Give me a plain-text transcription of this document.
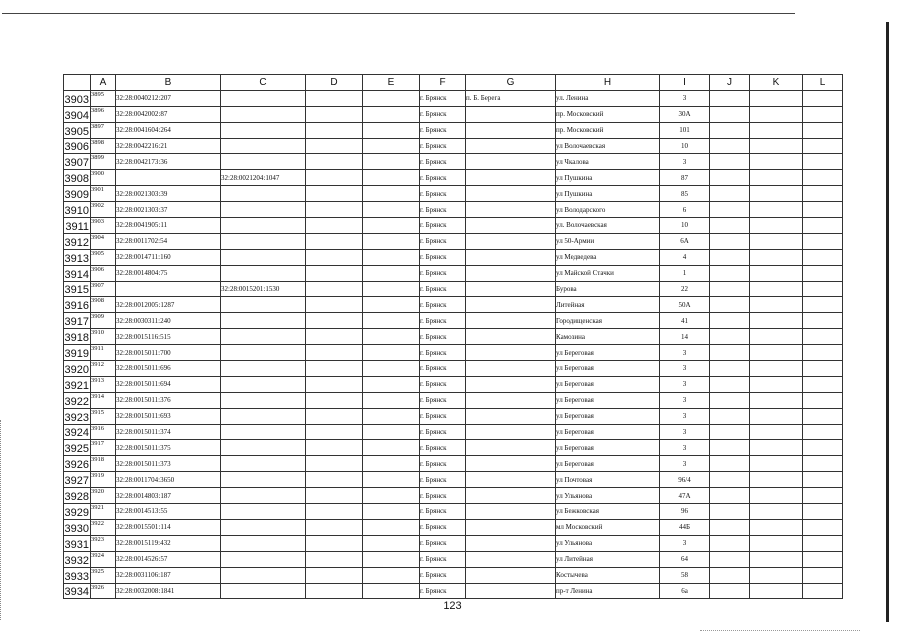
	A	B	C	D	E	F	G	H	I	J	K	L
3903	3895	32:28:0040212:207				г. Брянск	п. Б. Берега	ул. Ленина	3			
3904	3896	32:28:0042002:87				г. Брянск		пр. Московский	30А			
3905	3897	32:28:0041604:264				г. Брянск		пр. Московский	101			
3906	3898	32:28:0042216:21				г. Брянск		ул Волочаевская	10			
3907	3899	32:28:0042173:36				г. Брянск		ул Чкалова	3			
3908	3900		32:28:0021204:1047			г. Брянск		ул Пушкина	87			
3909	3901	32:28:0021303:39				г. Брянск		ул Пушкина	85			
3910	3902	32:28:0021303:37				г. Брянск		ул Володарского	6			
3911	3903	32:28:0041905:11				г. Брянск		ул. Волочаевская	10			
3912	3904	32:28:0011702:54				г. Брянск		ул 50-Армии	6А			
3913	3905	32:28:0014711:160				г. Брянск		ул Медведева	4			
3914	3906	32:28:0014804:75				г. Брянск		ул Майской Стачки	1			
3915	3907		32:28:0015201:1530			г. Брянск		Бурова	22			
3916	3908	32:28:0012005:1287				г. Брянск		Литейная	50А			
3917	3909	32:28:0030311:240				г. Брянск		Городищенская	41			
3918	3910	32:28:0015116:515				г. Брянск		Камозина	14			
3919	3911	32:28:0015011:700				г. Брянск		ул Береговая	3			
3920	3912	32:28:0015011:696				г. Брянск		ул Береговая	3			
3921	3913	32:28:0015011:694				г. Брянск		ул Береговая	3			
3922	3914	32:28:0015011:376				г. Брянск		ул Береговая	3			
3923	3915	32:28:0015011:693				г. Брянск		ул Береговая	3			
3924	3916	32:28:0015011:374				г. Брянск		ул Береговая	3			
3925	3917	32:28:0015011:375				г. Брянск		ул Береговая	3			
3926	3918	32:28:0015011:373				г. Брянск		ул Береговая	3			
3927	3919	32:28:0011704:3650				г. Брянск		ул Почтовая	96/4			
3928	3920	32:28:0014803:187				г. Брянск		ул Ульянова	47А			
3929	3921	32:28:0014513:55				г. Брянск		ул Бежковская	96			
3930	3922	32:28:0015501:114				г. Брянск		мл Московский	44Б			
3931	3923	32:28:0015119:432				г. Брянск		ул Ульянова	3			
3932	3924	32:28:0014526:57				г. Брянск		ул Литейная	64			
3933	3925	32:28:0031106:187				г. Брянск		Костычева	58			
3934	3926	32:28:0032008:1841				г. Брянск		пр-т Ленина	6а			
123
